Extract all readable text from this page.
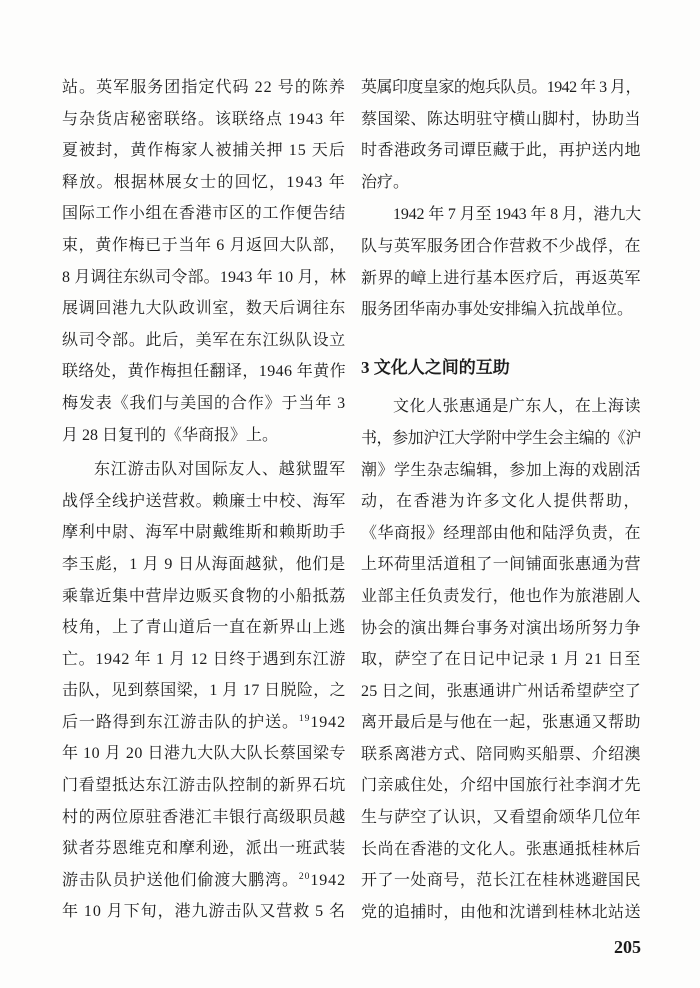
站。英军服务团指定代码 22 号的陈养
与杂货店秘密联络。该联络点 1943 年
夏被封，黄作梅家人被捕关押 15 天后
释放。根据林展女士的回忆，1943 年
国际工作小组在香港市区的工作便告结
束，黄作梅已于当年 6 月返回大队部，
8 月调往东纵司令部。1943 年 10 月，林
展调回港九大队政训室，数天后调往东
纵司令部。此后，美军在东江纵队设立
联络处，黄作梅担任翻译，1946 年黄作
梅发表《我们与美国的合作》于当年 3
月 28 日复刊的《华商报》上。
东江游击队对国际友人、越狱盟军
战俘全线护送营救。赖廉士中校、海军
摩利中尉、海军中尉戴维斯和赖斯助手
李玉彪，1 月 9 日从海面越狱，他们是
乘靠近集中营岸边贩买食物的小船抵荔
枝角，上了青山道后一直在新界山上逃
亡。1942 年 1 月 12 日终于遇到东江游
击队，见到蔡国梁，1 月 17 日脱险，之
后一路得到东江游击队的护送。$^{19}$1942
年 10 月 20 日港九大队大队长蔡国梁专
门看望抵达东江游击队控制的新界石坑
村的两位原驻香港汇丰银行高级职员越
狱者芬恩维克和摩利逊，派出一班武装
游击队员护送他们偷渡大鹏湾。$^{20}$1942
年 10 月下旬，港九游击队又营救 5 名
英属印度皇家的炮兵队员。1942 年 3 月，
蔡国梁、陈达明驻守横山脚村，协助当
时香港政务司谭臣藏于此，再护送内地
治疗。
1942 年 7 月至 1943 年 8 月，港九大
队与英军服务团合作营救不少战俘，在
新界的嶂上进行基本医疗后，再返英军
服务团华南办事处安排编入抗战单位。
3 文化人之间的互助
文化人张惠通是广东人，在上海读
书，参加沪江大学附中学生会主编的《沪
潮》学生杂志编辑，参加上海的戏剧活
动，在香港为许多文化人提供帮助，
《华商报》经理部由他和陆浮负责，在
上环荷里活道租了一间铺面张惠通为营
业部主任负责发行，他也作为旅港剧人
协会的演出舞台事务对演出场所努力争
取，萨空了在日记中记录 1 月 21 日至
25 日之间，张惠通讲广州话希望萨空了
离开最后是与他在一起，张惠通又帮助
联系离港方式、陪同购买船票、介绍澳
门亲戚住处，介绍中国旅行社李润才先
生与萨空了认识，又看望俞颂华几位年
长尚在香港的文化人。张惠通抵桂林后
开了一处商号，范长江在桂林逃避国民
党的追捕时，由他和沈谱到桂林北站送
205
